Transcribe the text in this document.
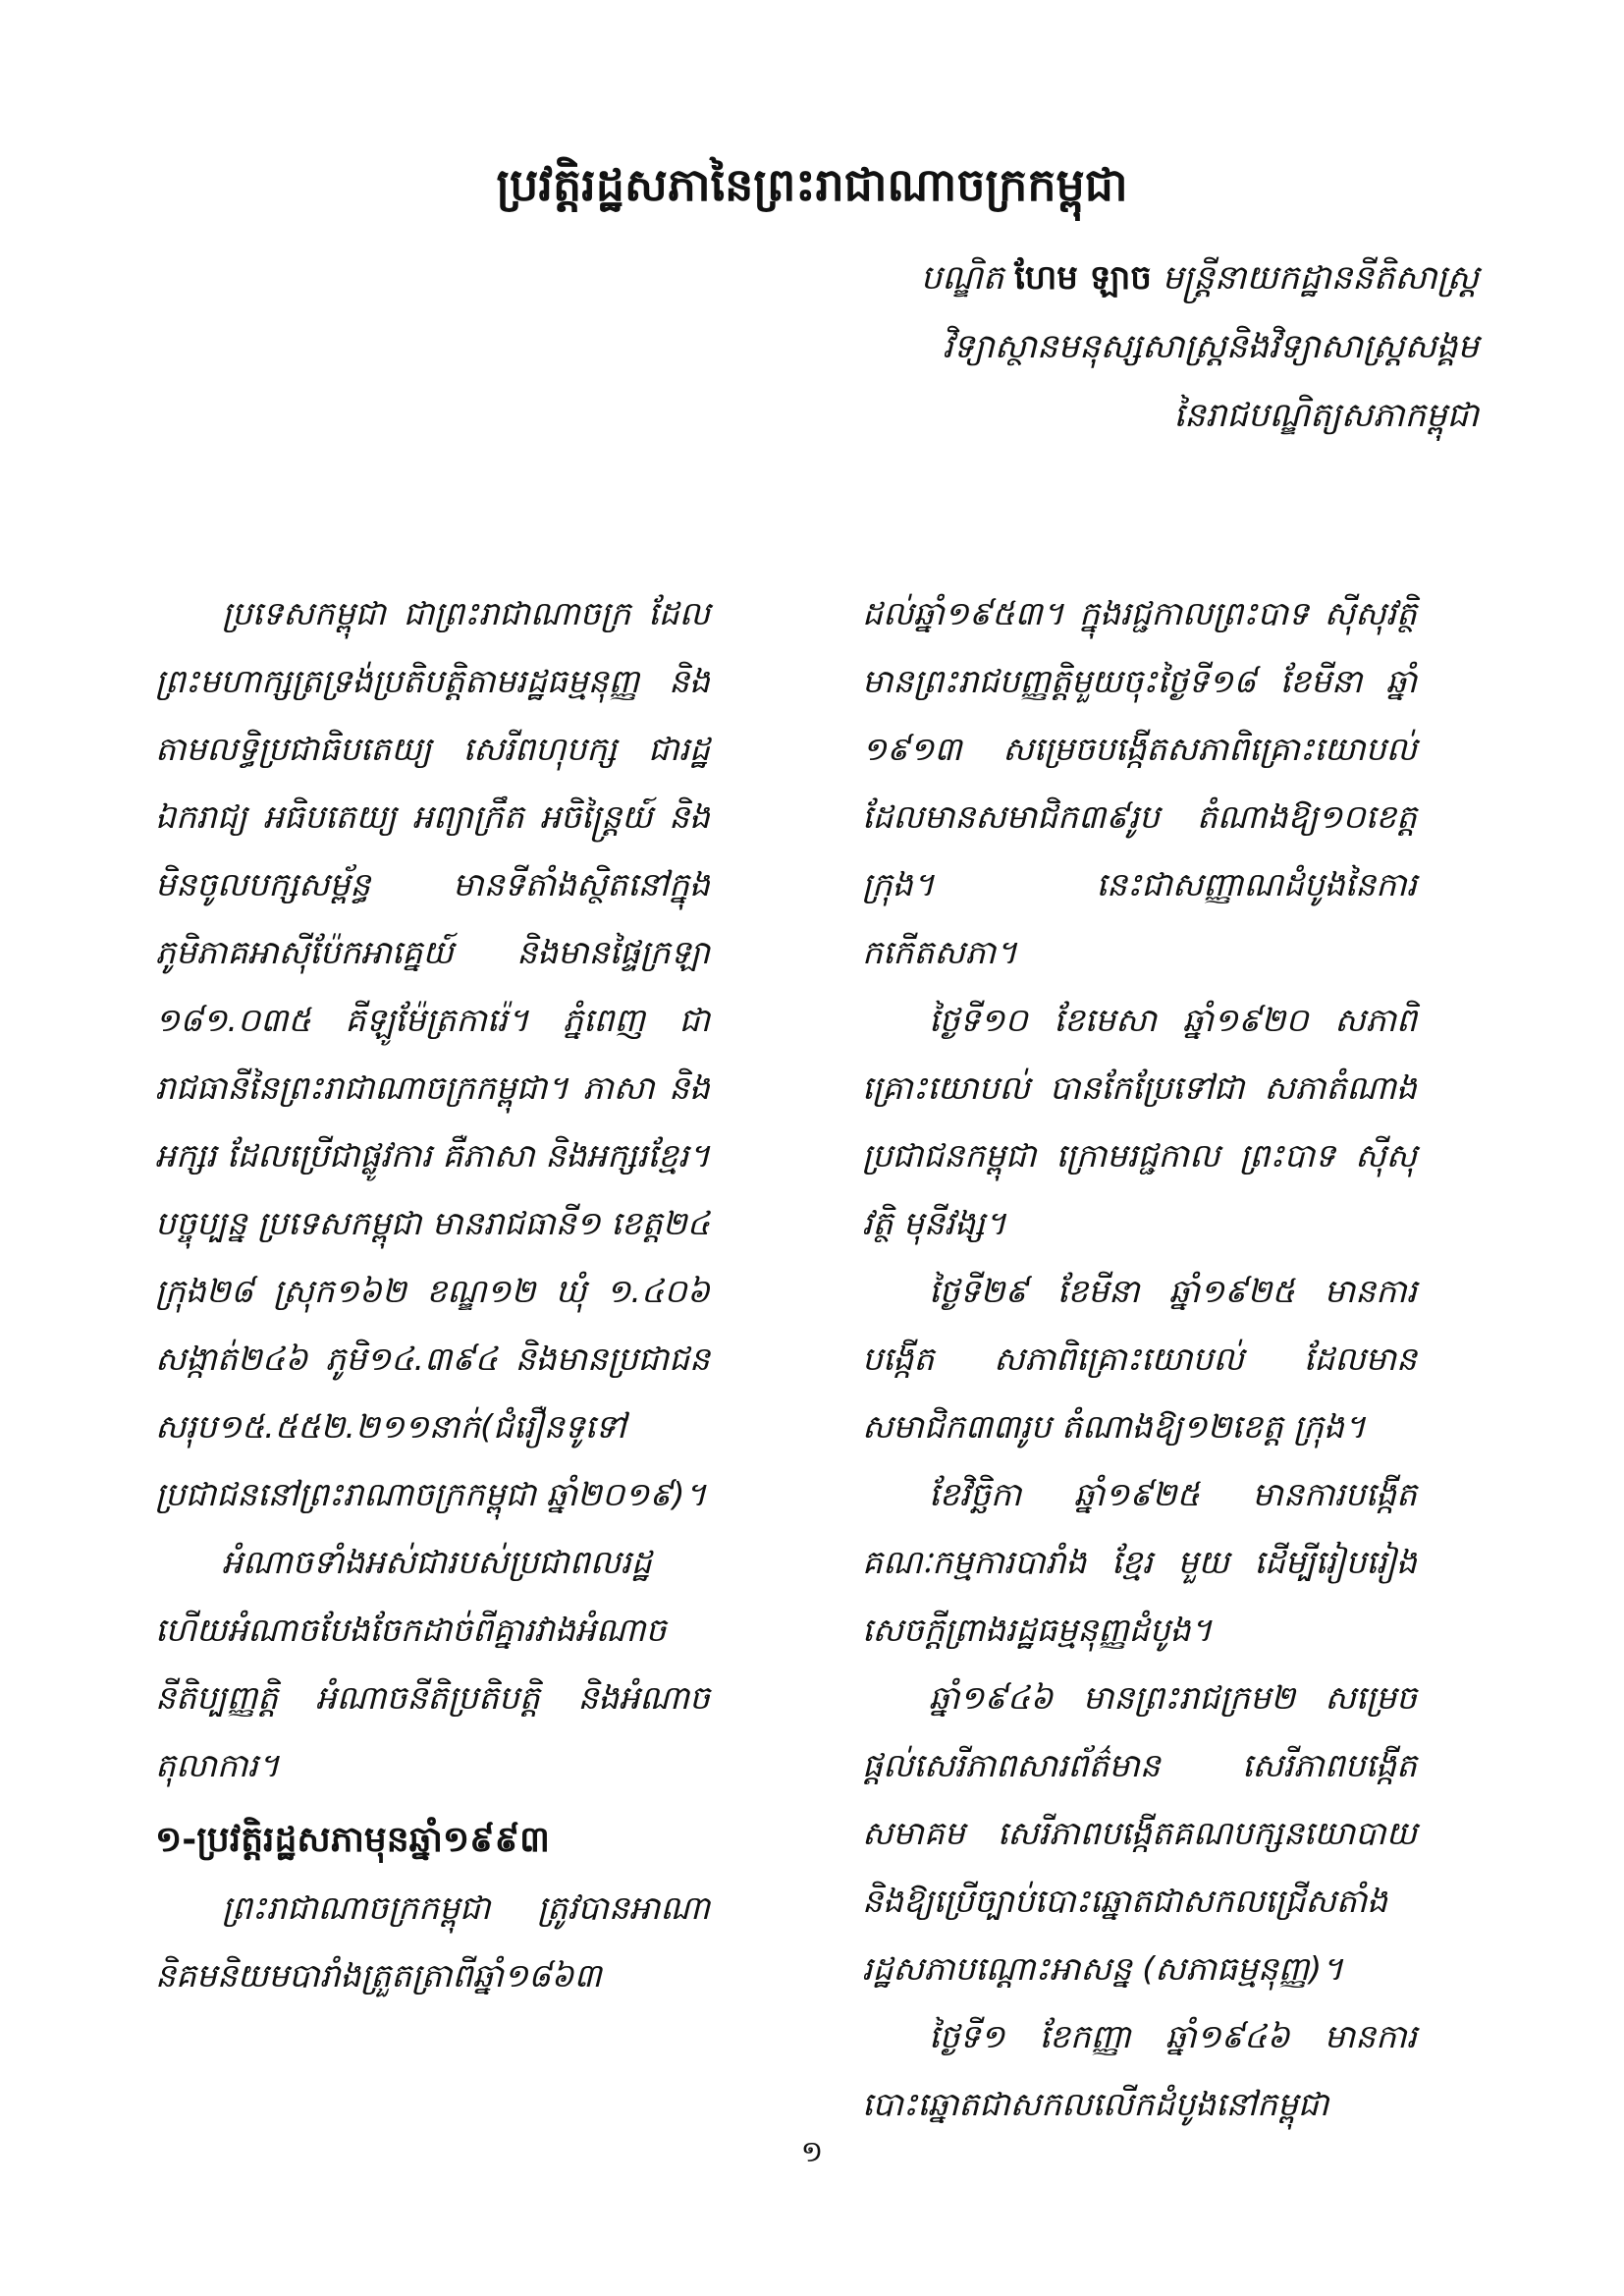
ប្រវត្តិរដ្ឋសភានៃព្រះរាជាណាចក្រកម្ពុជា
បណ្ឌិត ហែម ឡាច មន្ត្រីនាយកដ្ឋាននីតិសាស្ត្រ
វិទ្យាស្ថានមនុស្សសាស្ត្រនិងវិទ្យាសាស្ត្រសង្គម
នៃរាជបណ្ឌិត្យសភាកម្ពុជា

ប្រទេសកម្ពុជា ជាព្រះរាជាណាចក្រ ដែលព្រះមហាក្សត្រទ្រង់ប្រតិបត្តិតាមរដ្ឋធម្មនុញ្ញ និងតាមលទ្ធិប្រជាធិបតេយ្យ សេរីពហុបក្ស ជារដ្ឋឯករាជ្យ អធិបតេយ្យ អព្យាក្រឹត អចិន្ត្រៃយ៍ និងមិនចូលបក្សសម្ព័ន្ធ មានទីតាំងស្ថិតនៅក្នុងភូមិភាគអាស៊ីប៉ែកអាគ្នេយ៍ និងមានផ្ទៃក្រឡា ១៨១.០៣៥ គីឡូម៉ែត្រការ៉េ។ ភ្នំពេញ ជារាជធានីនៃព្រះរាជាណាចក្រកម្ពុជា។ ភាសា និងអក្សរ ដែលប្រើជាផ្លូវការ គឺភាសា និងអក្សរខ្មែរ។ បច្ចុប្បន្ន ប្រទេសកម្ពុជា មានរាជធានី១ ខេត្ត២៤ ក្រុង២៨ ស្រុក១៦២ ខណ្ឌ១២ ឃុំ ១.៤០៦ សង្កាត់២៤៦ ភូមិ១៤.៣៩៤ និងមានប្រជាជនសរុប១៥.៥៥២.២១១នាក់(ជំរឿនទូទៅប្រជាជននៅព្រះរាណាចក្រកម្ពុជា ឆ្នាំ២០១៩)។

អំណាចទាំងអស់ជារបស់ប្រជាពលរដ្ឋ ហើយអំណាចបែងចែកដាច់ពីគ្នារវាងអំណាចនីតិប្បញ្ញត្តិ អំណាចនីតិប្រតិបត្តិ និងអំណាចតុលាការ។

១-ប្រវត្តិរដ្ឋសភាមុនឆ្នាំ១៩៩៣

ព្រះរាជាណាចក្រកម្ពុជា ត្រូវបានអាណានិគមនិយមបារាំងត្រួតត្រាពីឆ្នាំ១៨៦៣

ដល់ឆ្នាំ១៩៥៣។ ក្នុងរជ្ជកាលព្រះបាទ ស៊ីសុវត្ថិ មានព្រះរាជបញ្ញត្តិមួយចុះថ្ងៃទី១៨ ខែមីនា ឆ្នាំ ១៩១៣ សម្រេចបង្កើតសភាពិគ្រោះយោបល់ ដែលមានសមាជិក៣៩រូប តំណាងឱ្យ១០ខេត្ត ក្រុង។ នេះជាសញ្ញាណដំបូងនៃការកកើតសភា។

ថ្ងៃទី១០ ខែមេសា ឆ្នាំ១៩២០ សភាពិគ្រោះយោបល់ បានកែប្រែទៅជា សភាតំណាងប្រជាជនកម្ពុជា ក្រោមរជ្ជកាល ព្រះបាទ ស៊ីសុវត្ថិ មុនីវង្ស។

ថ្ងៃទី២៩ ខែមីនា ឆ្នាំ១៩២៥ មានការបង្កើត សភាពិគ្រោះយោបល់ ដែលមានសមាជិក៣៣រូប តំណាងឱ្យ១២ខេត្ត ក្រុង។

ខែវិច្ឆិកា ឆ្នាំ១៩២៥ មានការបង្កើត គណៈកម្មការបារាំង ខ្មែរ មួយ ដើម្បីរៀបរៀង សេចក្តីព្រាងរដ្ឋធម្មនុញ្ញដំបូង។

ឆ្នាំ១៩៤៦ មានព្រះរាជក្រម២ សម្រេច ផ្តល់សេរីភាពសារព័ត៌មាន សេរីភាពបង្កើត សមាគម សេរីភាពបង្កើតគណបក្សនយោបាយ និងឱ្យប្រើច្បាប់បោះឆ្នោតជាសកលជ្រើសតាំង រដ្ឋសភាបណ្តោះអាសន្ន (សភាធម្មនុញ្ញ)។

ថ្ងៃទី១ ខែកញ្ញា ឆ្នាំ១៩៤៦ មានការបោះឆ្នោតជាសកលលើកដំបូងនៅកម្ពុជា

១
